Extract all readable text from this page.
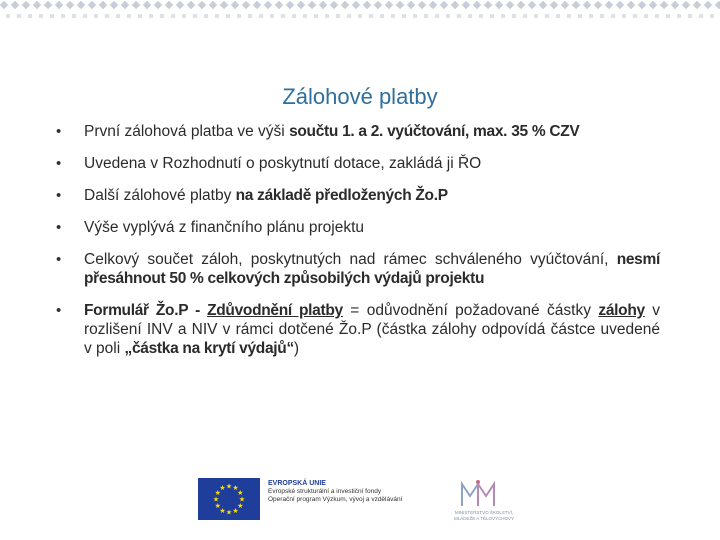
Zálohové platby
• První zálohová platba ve výši součtu 1. a 2. vyúčtování, max. 35 % CZV
• Uvedena v Rozhodnutí o poskytnutí dotace, zakládá ji ŘO
• Další zálohové platby na základě předložených Žo.P
• Výše vyplývá z finančního plánu projektu
• Celkový součet záloh, poskytnutých nad rámec schváleného vyúčtování, nesmí přesáhnout 50 % celkových způsobilých výdajů projektu
• Formulář Žo.P - Zdůvodnění platby = odůvodnění požadované částky zálohy v rozlišení INV a NIV v rámci dotčené Žo.P (částka zálohy odpovídá částce uvedené v poli „částka na krytí výdajů“)
★ ★
★
★
★
★
★
★
★
★
★
★
EVROPSKÁ UNIE
Evropské strukturální a investiční fondy
Operační program Výzkum, vývoj a vzdělávání
MINISTERSTVO ŠKOLSTVÍ, MLÁDEŽE A TĚLOVÝCHOVY
